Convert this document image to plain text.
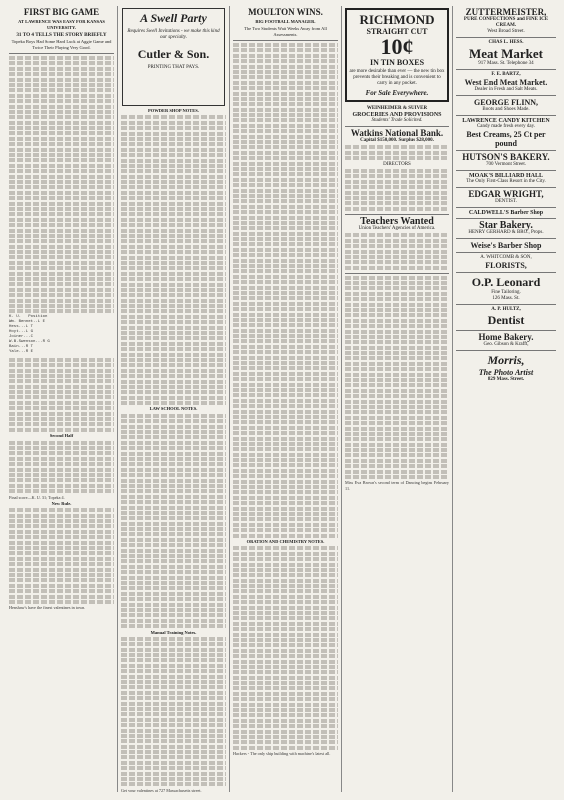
FIRST BIG GAME
AT LAWRENCE WAS EASY FOR KANSAS UNIVERSITY.
31 TO 4 TELLS THE STORY BRIEFLY
Topeka Boys Had Some Hard Luck at Aggie Game and Twice Their Playing Very Good.
K. U. Position
Wm. Bennet..L E
Hess...L T
Hoyt...L G
Joiner...C
W.B.Swenson...R G
Bain...R T
Yale...R E
Second Half
Final score—K. U. 31; Topeka 4.
New Rule.
Henshaw's have the finest valentines in town.
A Swell Party
Requires Swell Invitations - we make this kind our specialty.
Cutler & Son.
PRINTING THAT PAYS.
POWDER SHOP NOTES.
LAW SCHOOL NOTES.
Manual Training Notes.
Get your valentines at 727 Massachusetts street.
MOULTON WINS.
BIG FOOTBALL MANAGER.
The Two Students Wait Weeks Away from All Assessments.
ORATION AND CHEMISTRY NOTES.
Hackers - The only ship building with machine's latest all.
RICHMOND
STRAIGHT CUT
10¢
IN TIN BOXES
are more desirable than ever — the new tin box prevents their breaking and is convenient to carry in any pocket.
For Sale Everywhere.
WEINHEIMER & SUIVER
GROCERIES AND PROVISIONS
Students' Trade Solicited.
Watkins National Bank.
Capital $150,000. Surplus $28,000.
DIRECTORS
Teachers Wanted
Union Teachers' Agencies of America.
Miss Eva Brown's second term of Dancing begins February 11.
ZUTTERMEISTER,
PURE CONFECTIONS and FINE ICE CREAM.
West Broad Street.
CHAS L. HESS.
Meat Market
917 Mass. St. Telephone 34
F. E. BARTZ,
West End Meat Market.
Dealer in Fresh and Salt Meats.
GEORGE FLINN,
Boots and Shoes Made.
LAWRENCE CANDY KITCHEN
Candy made fresh every day.
Best Creams, 25 Ct per pound
HUTSON'S BAKERY.
700 Vermont Street.
MOAK'S BILLIARD HALL
The Only First-Class Resort in the City.
EDGAR WRIGHT,
DENTIST.
CALDWELL'S Barber Shop
Star Bakery.
HENRY GERHARD & BRO., Props.
Weise's Barber Shop
A. WHITCOMB & SON,
FLORISTS,
O.P. Leonard
Fine Tailoring.
126 Mass. St.
A. P. HULTZ,
Dentist
Home Bakery.
Geo. Gibson & Krafft,
Morris,
The Photo Artist
829 Mass. Street.
